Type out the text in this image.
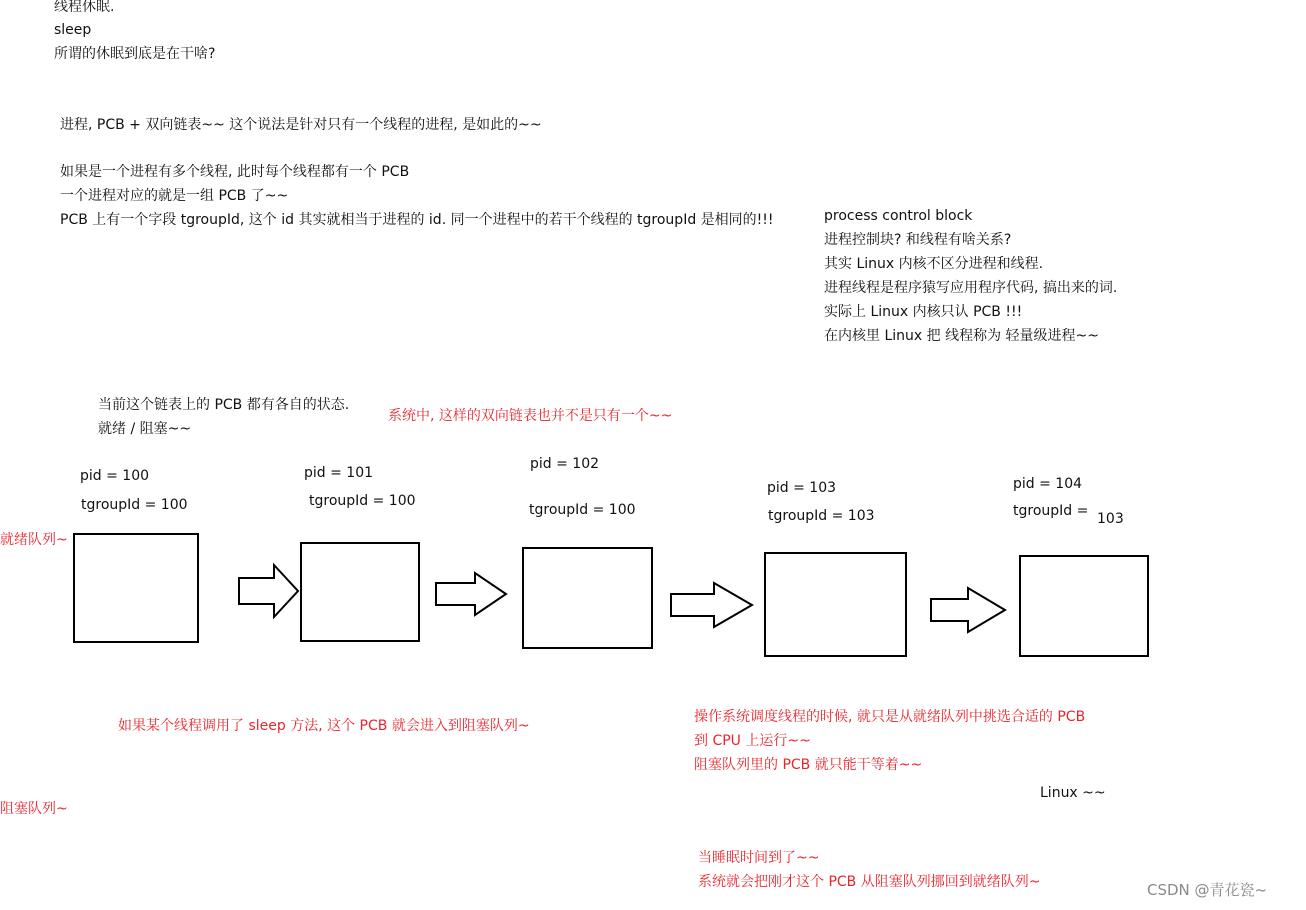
线程休眠.
sleep
所谓的休眠到底是在干啥?
进程, PCB + 双向链表~~ 这个说法是针对只有一个线程的进程, 是如此的~~
如果是一个进程有多个线程, 此时每个线程都有一个 PCB
一个进程对应的就是一组 PCB 了~~
PCB 上有一个字段 tgroupId, 这个 id 其实就相当于进程的 id. 同一个进程中的若干个线程的 tgroupId 是相同的!!!	process control block
进程控制块? 和线程有啥关系?
其实 Linux 内核不区分进程和线程.
进程线程是程序猿写应用程序代码, 搞出来的词.
实际上 Linux 内核只认 PCB !!!
在内核里 Linux 把 线程称为 轻量级进程~~
当前这个链表上的 PCB 都有各自的状态.
就绪 / 阻塞~~
系统中, 这样的双向链表也并不是只有一个~~
就绪队列~
阻塞队列~
pid = 100
tgroupId = 100
pid = 101
tgroupId = 100
pid = 102
tgroupId = 100
pid = 103
tgroupId = 103
pid = 104
tgroupId = 103
如果某个线程调用了 sleep 方法, 这个 PCB 就会进入到阻塞队列~
操作系统调度线程的时候, 就只是从就绪队列中挑选合适的 PCB
到 CPU 上运行~~
阻塞队列里的 PCB 就只能干等着~~
Linux ~~
当睡眠时间到了~~
系统就会把刚才这个 PCB 从阻塞队列挪回到就绪队列~	CSDN @青花瓷~
